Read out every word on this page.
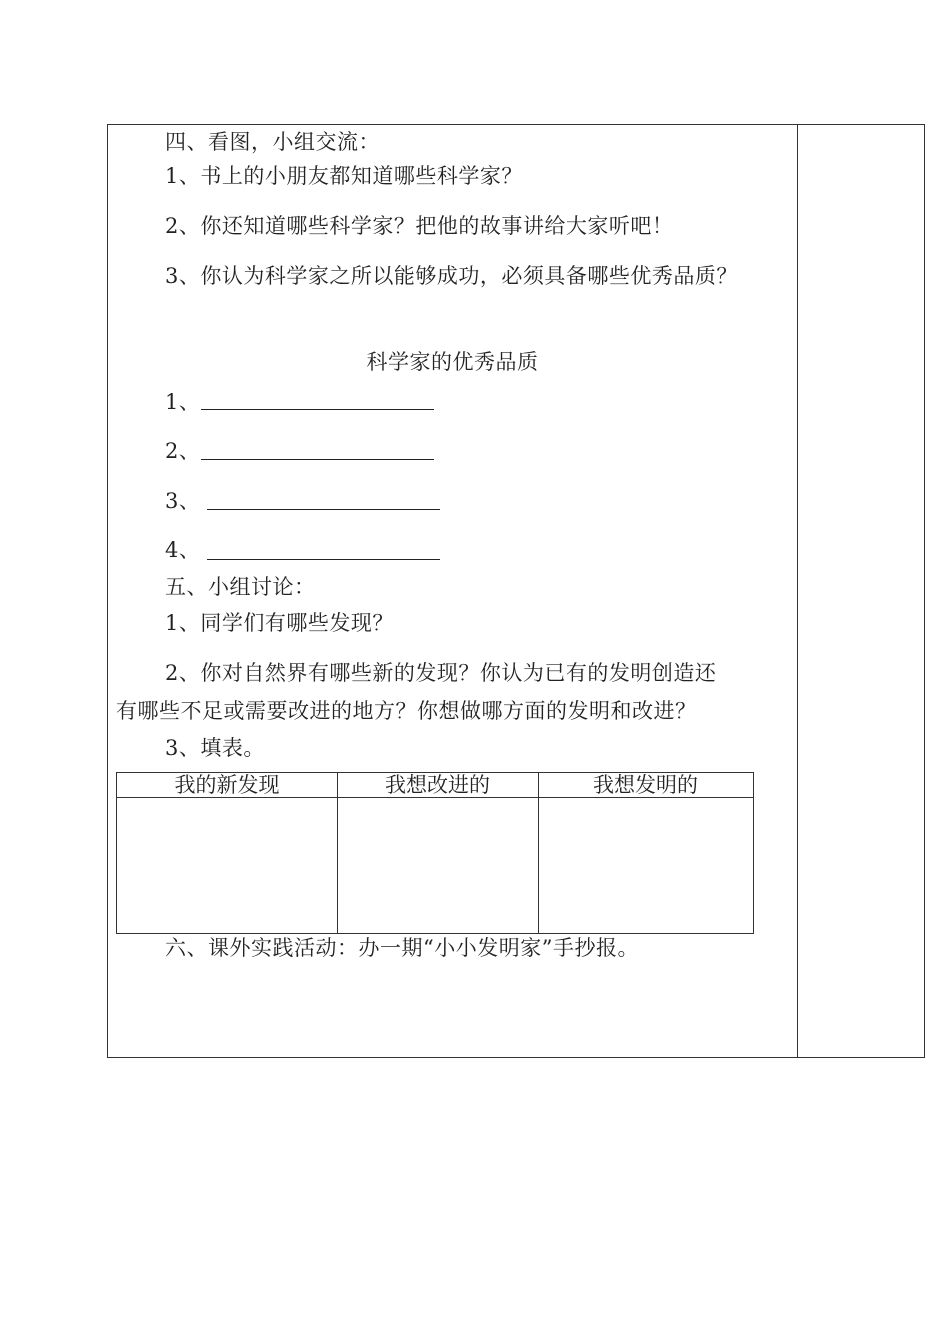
四、看图，小组交流：
1、书上的小朋友都知道哪些科学家？
2、你还知道哪些科学家？把他的故事讲给大家听吧！
3、你认为科学家之所以能够成功，必须具备哪些优秀品质？
科学家的优秀品质
1、
2、
3、
4、
五、小组讨论：
1、同学们有哪些发现？
2、你对自然界有哪些新的发现？你认为已有的发明创造还
有哪些不足或需要改进的地方？你想做哪方面的发明和改进？
3、填表。
我的新发现	我想改进的	我想发明的
六、课外实践活动：办一期“小小发明家”手抄报。
